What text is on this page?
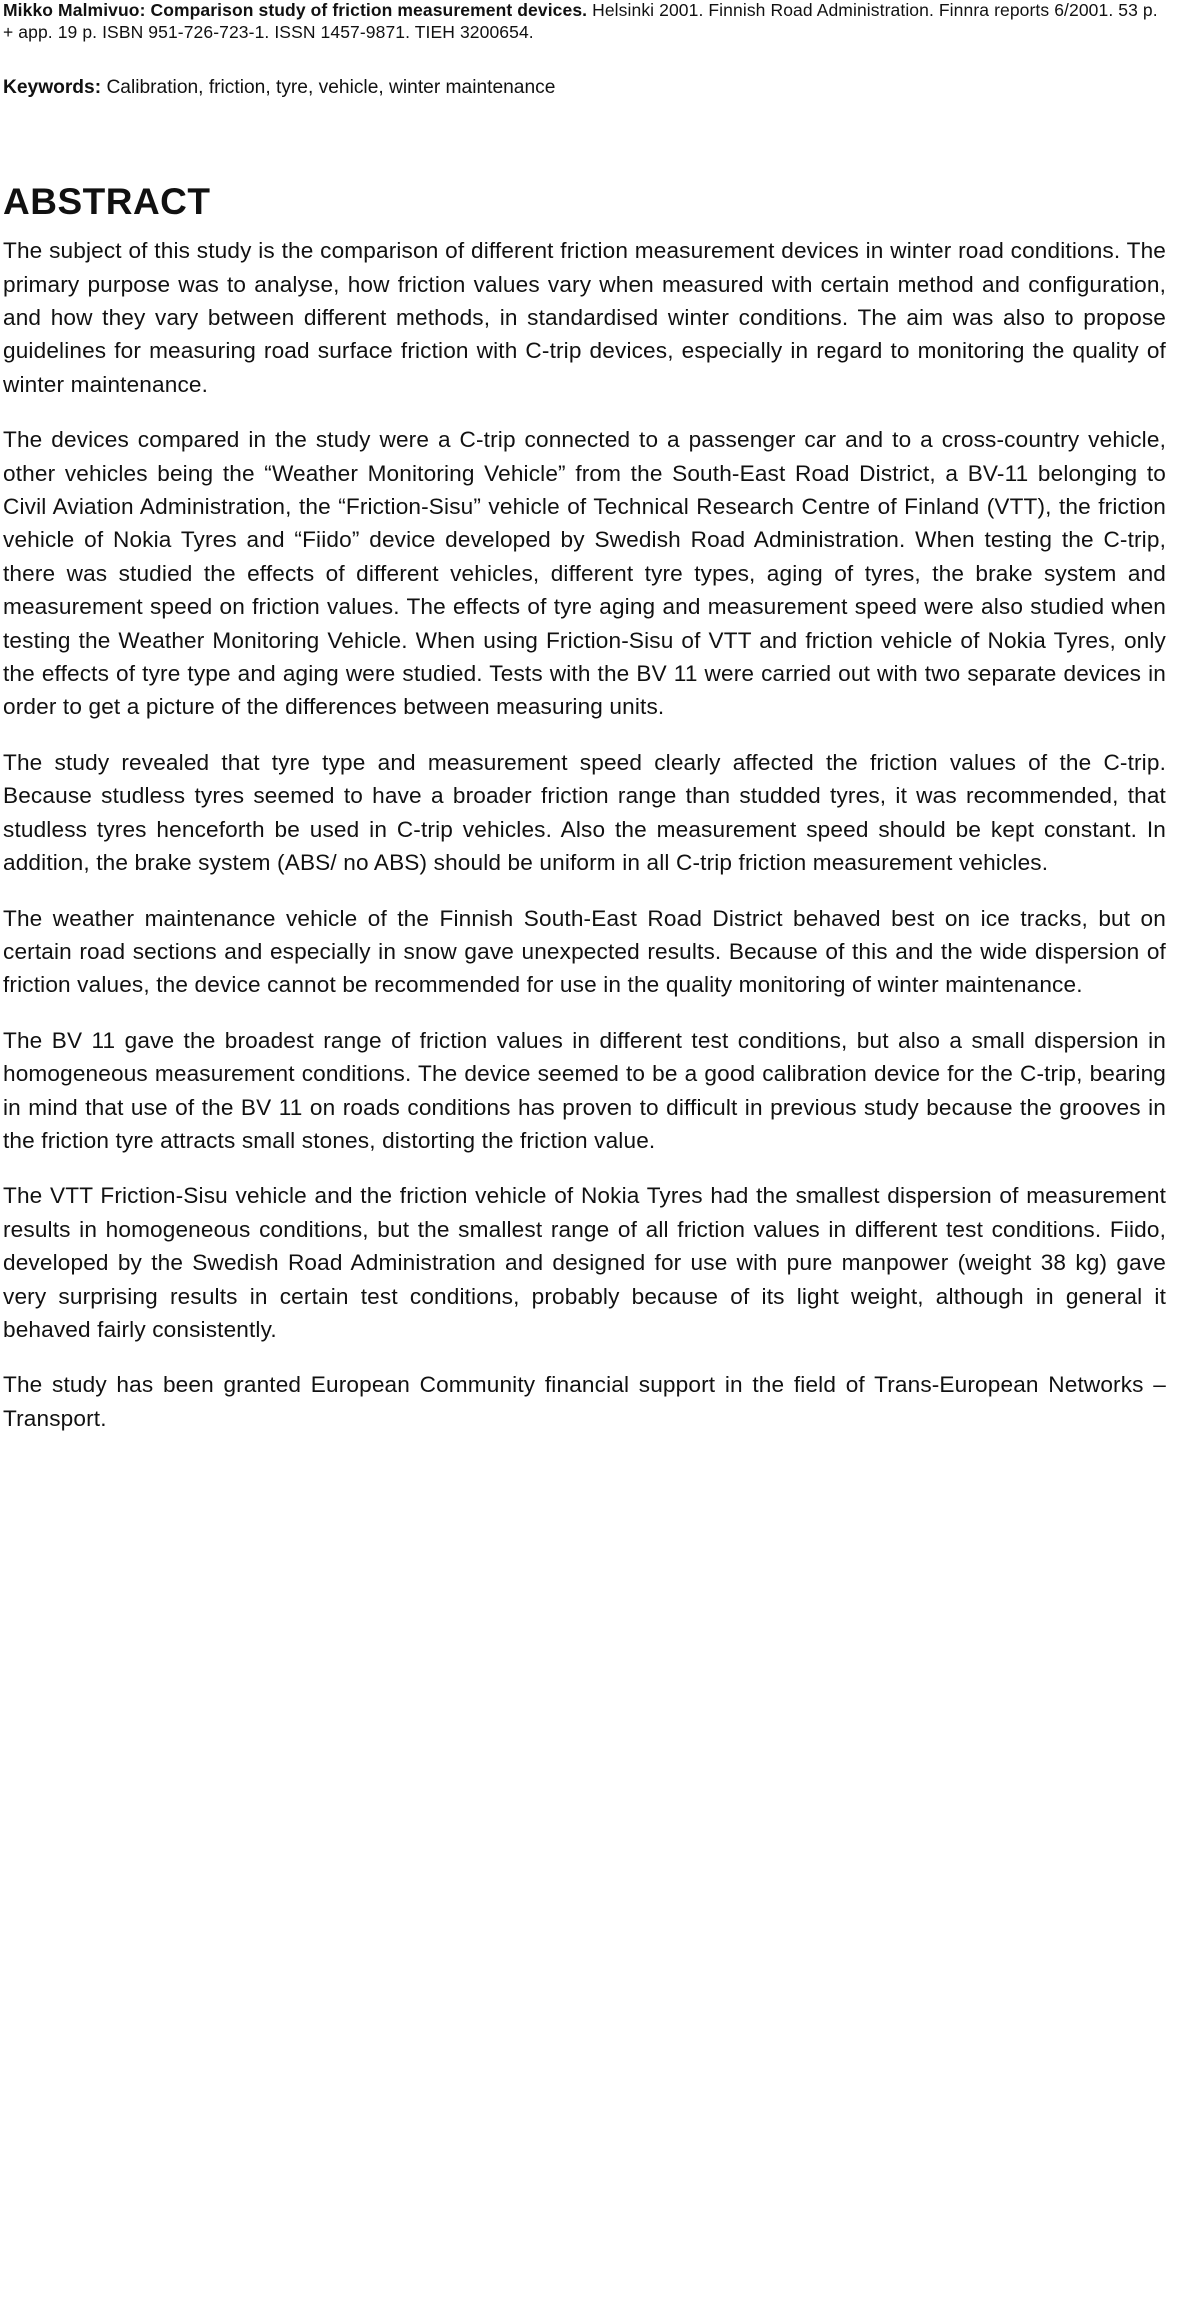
Mikko Malmivuo: Comparison study of friction measurement devices. Helsinki 2001. Finnish Road Administration. Finnra reports 6/2001. 53 p. + app. 19 p. ISBN 951-726-723-1. ISSN 1457-9871. TIEH 3200654.

Keywords: Calibration, friction, tyre, vehicle, winter maintenance

ABSTRACT

The subject of this study is the comparison of different friction measurement devices in winter road conditions. The primary purpose was to analyse, how friction values vary when measured with certain method and configuration, and how they vary between different methods, in standardised winter conditions. The aim was also to propose guidelines for measuring road surface friction with C-trip devices, especially in regard to monitoring the quality of winter maintenance.

The devices compared in the study were a C-trip connected to a passenger car and to a cross-country vehicle, other vehicles being the “Weather Monitoring Vehicle” from the South-East Road District, a BV-11 belonging to Civil Aviation Administration, the “Friction-Sisu” vehicle of Technical Research Centre of Finland (VTT), the friction vehicle of Nokia Tyres and “Fiido” device developed by Swedish Road Administration. When testing the C-trip, there was studied the effects of different vehicles, different tyre types, aging of tyres, the brake system and measurement speed on friction values. The effects of tyre aging and measurement speed were also studied when testing the Weather Monitoring Vehicle. When using Friction-Sisu of VTT and friction vehicle of Nokia Tyres, only the effects of tyre type and aging were studied. Tests with the BV 11 were carried out with two separate devices in order to get a picture of the differences between measuring units.

The study revealed that tyre type and measurement speed clearly affected the friction values of the C-trip. Because studless tyres seemed to have a broader friction range than studded tyres, it was recommended, that studless tyres henceforth be used in C-trip vehicles. Also the measurement speed should be kept constant. In addition, the brake system (ABS/ no ABS) should be uniform in all C-trip friction measurement vehicles.

The weather maintenance vehicle of the Finnish South-East Road District behaved best on ice tracks, but on certain road sections and especially in snow gave unexpected results. Because of this and the wide dispersion of friction values, the device cannot be recommended for use in the quality monitoring of winter maintenance.

The BV 11 gave the broadest range of friction values in different test conditions, but also a small dispersion in homogeneous measurement conditions. The device seemed to be a good calibration device for the C-trip, bearing in mind that use of the BV 11 on roads conditions has proven to difficult in previous study because the grooves in the friction tyre attracts small stones, distorting the friction value.

The VTT Friction-Sisu vehicle and the friction vehicle of Nokia Tyres had the smallest dispersion of measurement results in homogeneous conditions, but the smallest range of all friction values in different test conditions. Fiido, developed by the Swedish Road Administration and designed for use with pure manpower (weight 38 kg) gave very surprising results in certain test conditions, probably because of its light weight, although in general it behaved fairly consistently.

The study has been granted European Community financial support in the field of Trans-European Networks – Transport.
